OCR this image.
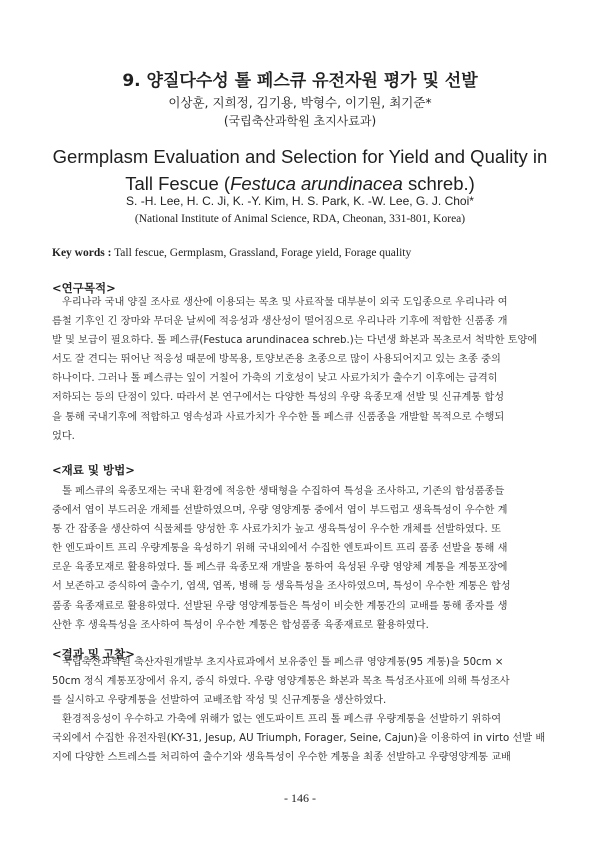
9. 양질다수성 톨 페스큐 유전자원 평가 및 선발
이상훈, 지희정, 김기용, 박형수, 이기원, 최기준*
(국립축산과학원 초지사료과)
Germplasm Evaluation and Selection for Yield and Quality in Tall Fescue (Festuca arundinacea schreb.)
S. -H. Lee, H. C. Ji, K. -Y. Kim, H. S. Park, K. -W. Lee, G. J. Choi*
(National Institute of Animal Science, RDA, Cheonan, 331-801, Korea)
Key words : Tall fescue, Germplasm, Grassland, Forage yield, Forage quality
<연구목적>
우리나라 국내 양질 조사료 생산에 이용되는 목초 및 사료작물 대부분이 외국 도입종으로 우리나라 여
름철 기후인 긴 장마와 무더운 날씨에 적응성과 생산성이 떨어짐으로 우리나라 기후에 적합한 신품종 개
발 및 보급이 필요하다. 톨 페스큐(Festuca arundinacea schreb.)는 다년생 화본과 목초로서 척박한 토양에
서도 잘 견디는 뛰어난 적응성 때문에 방목용, 토양보존용 초종으로 많이 사용되어지고 있는 초종 중의
하나이다. 그러나 톨 페스큐는 잎이 거칠어 가축의 기호성이 낮고 사료가치가 출수기 이후에는 급격히
저하되는 등의 단점이 있다. 따라서 본 연구에서는 다양한 특성의 우량 육종모재 선발 및 신규계통 합성
을 통해 국내기후에 적합하고 영속성과 사료가치가 우수한 톨 페스큐 신품종을 개발할 목적으로 수행되
었다.
<재료 및 방법>
톨 페스큐의 육종모재는 국내 환경에 적응한 생태형을 수집하여 특성을 조사하고, 기존의 합성품종들
중에서 엽이 부드러운 개체를 선발하였으며, 우량 영양계통 중에서 엽이 부드럽고 생육특성이 우수한 계
통 간 잡종을 생산하여 식물체를 양성한 후 사료가치가 높고 생육특성이 우수한 개체를 선발하였다. 또
한 엔도파이트 프리 우량계통을 육성하기 위해 국내외에서 수집한 엔토파이트 프리 품종 선발을 통해 새
로운 육종모재로 활용하였다. 톨 페스큐 육종모재 개발을 통하여 육성된 우량 영양체 계통을 계통포장에
서 보존하고 증식하여 출수기, 엽색, 엽폭, 병해 등 생육특성을 조사하였으며, 특성이 우수한 계통은 합성
품종 육종재료로 활용하였다. 선발된 우량 영양계통들은 특성이 비슷한 계통간의 교배를 통해 종자를 생
산한 후 생육특성을 조사하여 특성이 우수한 계통은 합성품종 육종재료로 활용하였다.
<결과 및 고찰>
국립축산과학원 축산자원개발부 초지사료과에서 보유중인 톨 페스큐 영양계통(95 계통)을 50cm ×
50cm 정식 계통포장에서 유지, 증식 하였다. 우량 영양계통은 화본과 목초 특성조사표에 의해 특성조사
를 실시하고 우량계통을 선발하여 교배조합 작성 및 신규계통을 생산하였다.
환경적응성이 우수하고 가축에 위해가 없는 엔도파이트 프리 톨 페스큐 우량계통을 선발하기 위하여
국외에서 수집한 유전자원(KY-31, Jesup, AU Triumph, Forager, Seine, Cajun)을 이용하여 in virto 선발 배
지에 다양한 스트레스를 처리하여 출수기와 생육특성이 우수한 계통을 최종 선발하고 우량영양계통 교배
- 146 -
